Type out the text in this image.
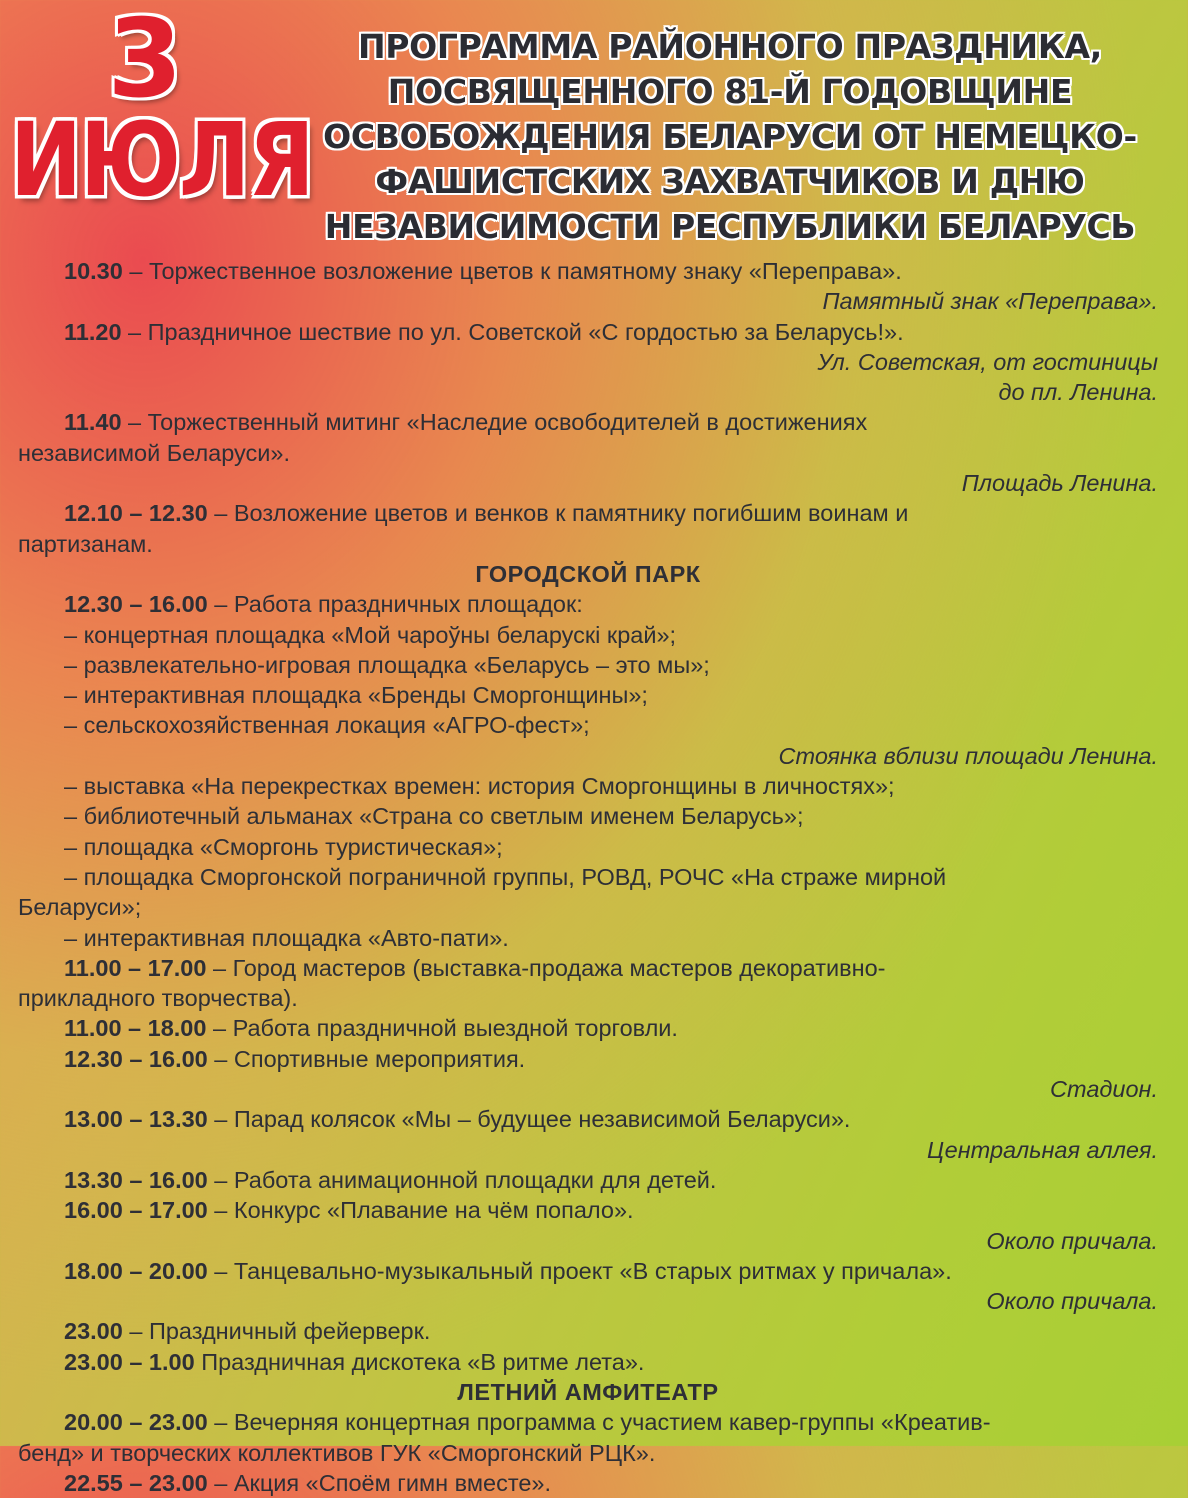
3
ИЮЛЯ
ПРОГРАММА РАЙОННОГО ПРАЗДНИКА,
ПОСВЯЩЕННОГО 81-Й ГОДОВЩИНЕ
ОСВОБОЖДЕНИЯ БЕЛАРУСИ ОТ НЕМЕЦКО-
ФАШИСТСКИХ ЗАХВАТЧИКОВ И ДНЮ
НЕЗАВИСИМОСТИ РЕСПУБЛИКИ БЕЛАРУСЬ
10.30 – Торжественное возложение цветов к памятному знаку «Переправа».
Памятный знак «Переправа».
11.20 – Праздничное шествие по ул. Советской «С гордостью за Беларусь!».
Ул. Советская, от гостиницы
до пл. Ленина.
11.40 – Торжественный митинг «Наследие освободителей в достижениях
независимой Беларуси».
Площадь Ленина.
12.10 – 12.30 – Возложение цветов и венков к памятнику погибшим воинам и
партизанам.
ГОРОДСКОЙ ПАРК
12.30 – 16.00 – Работа праздничных площадок:
– концертная площадка «Мой чароўны беларускі край»;
– развлекательно-игровая площадка «Беларусь – это мы»;
– интерактивная площадка «Бренды Сморгонщины»;
– сельскохозяйственная локация «АГРО-фест»;
Стоянка вблизи площади Ленина.
– выставка «На перекрестках времен: история Сморгонщины в личностях»;
– библиотечный альманах «Страна со светлым именем Беларусь»;
– площадка «Сморгонь туристическая»;
– площадка Сморгонской пограничной группы, РОВД, РОЧС «На страже мирной
Беларуси»;
– интерактивная площадка «Авто-пати».
11.00 – 17.00 – Город мастеров (выставка-продажа мастеров декоративно-
прикладного творчества).
11.00 – 18.00 – Работа праздничной выездной торговли.
12.30 – 16.00 – Спортивные мероприятия.
Стадион.
13.00 – 13.30 – Парад колясок «Мы – будущее независимой Беларуси».
Центральная аллея.
13.30 – 16.00 – Работа анимационной площадки для детей.
16.00 – 17.00 – Конкурс «Плавание на чём попало».
Около причала.
18.00 – 20.00 – Танцевально-музыкальный проект «В старых ритмах у причала».
Около причала.
23.00 – Праздничный фейерверк.
23.00 – 1.00 Праздничная дискотека «В ритме лета».
ЛЕТНИЙ АМФИТЕАТР
20.00 – 23.00 – Вечерняя концертная программа с участием кавер-группы «Креатив-
бенд» и творческих коллективов ГУК «Сморгонский РЦК».
22.55 – 23.00 – Акция «Споём гимн вместе».
